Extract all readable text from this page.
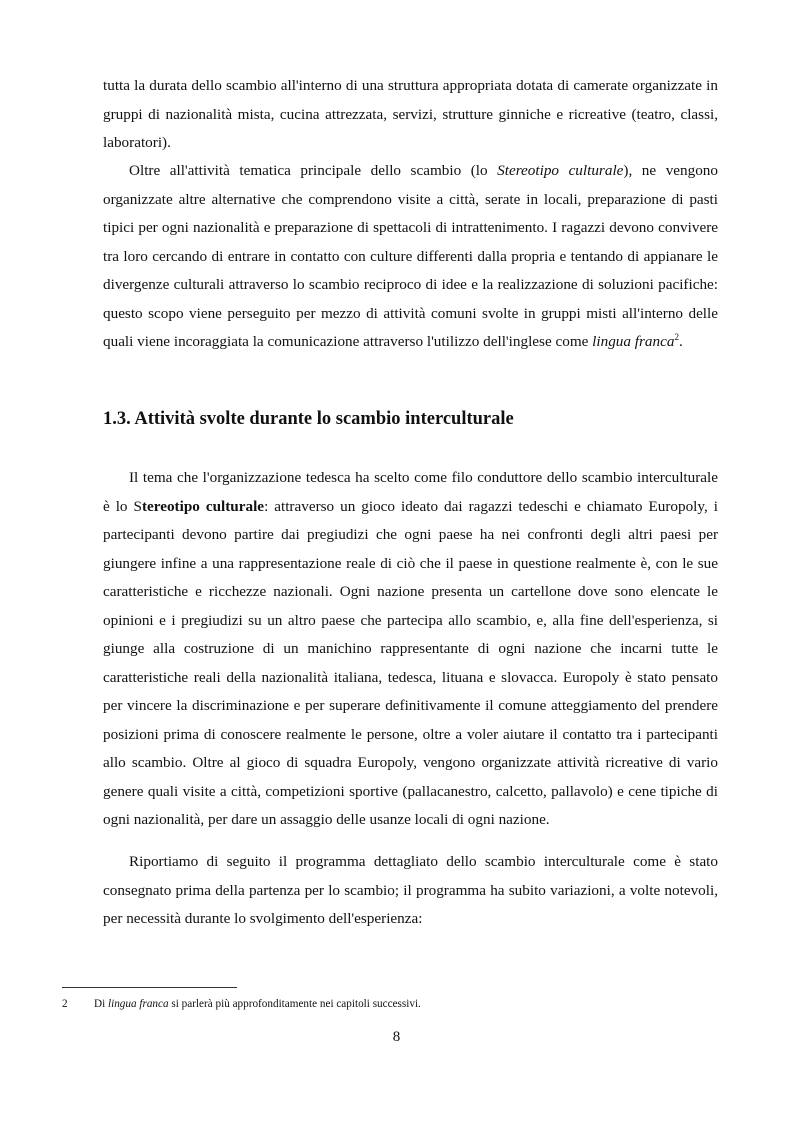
tutta la durata dello scambio all'interno di una struttura appropriata dotata di camerate organizzate in gruppi di nazionalità mista, cucina attrezzata, servizi, strutture ginniche e ricreative (teatro, classi, laboratori).

Oltre all'attività tematica principale dello scambio (lo Stereotipo culturale), ne vengono organizzate altre alternative che comprendono visite a città, serate in locali, preparazione di pasti tipici per ogni nazionalità e preparazione di spettacoli di intrattenimento. I ragazzi devono convivere tra loro cercando di entrare in contatto con culture differenti dalla propria e tentando di appianare le divergenze culturali attraverso lo scambio reciproco di idee e la realizzazione di soluzioni pacifiche: questo scopo viene perseguito per mezzo di attività comuni svolte in gruppi misti all'interno delle quali viene incoraggiata la comunicazione attraverso l'utilizzo dell'inglese come lingua franca$^2$.

1.3. Attività svolte durante lo scambio interculturale

Il tema che l'organizzazione tedesca ha scelto come filo conduttore dello scambio interculturale è lo Stereotipo culturale: attraverso un gioco ideato dai ragazzi tedeschi e chiamato Europoly, i partecipanti devono partire dai pregiudizi che ogni paese ha nei confronti degli altri paesi per giungere infine a una rappresentazione reale di ciò che il paese in questione realmente è, con le sue caratteristiche e ricchezze nazionali. Ogni nazione presenta un cartellone dove sono elencate le opinioni e i pregiudizi su un altro paese che partecipa allo scambio, e, alla fine dell'esperienza, si giunge alla costruzione di un manichino rappresentante di ogni nazione che incarni tutte le caratteristiche reali della nazionalità italiana, tedesca, lituana e slovacca. Europoly è stato pensato per vincere la discriminazione e per superare definitivamente il comune atteggiamento del prendere posizioni prima di conoscere realmente le persone, oltre a voler aiutare il contatto tra i partecipanti allo scambio. Oltre al gioco di squadra Europoly, vengono organizzate attività ricreative di vario genere quali visite a città, competizioni sportive (pallacanestro, calcetto, pallavolo) e cene tipiche di ogni nazionalità, per dare un assaggio delle usanze locali di ogni nazione.

Riportiamo di seguito il programma dettagliato dello scambio interculturale come è stato consegnato prima della partenza per lo scambio; il programma ha subito variazioni, a volte notevoli, per necessità durante lo svolgimento dell'esperienza:

2 Di lingua franca si parlerà più approfonditamente nei capitoli successivi.

8
